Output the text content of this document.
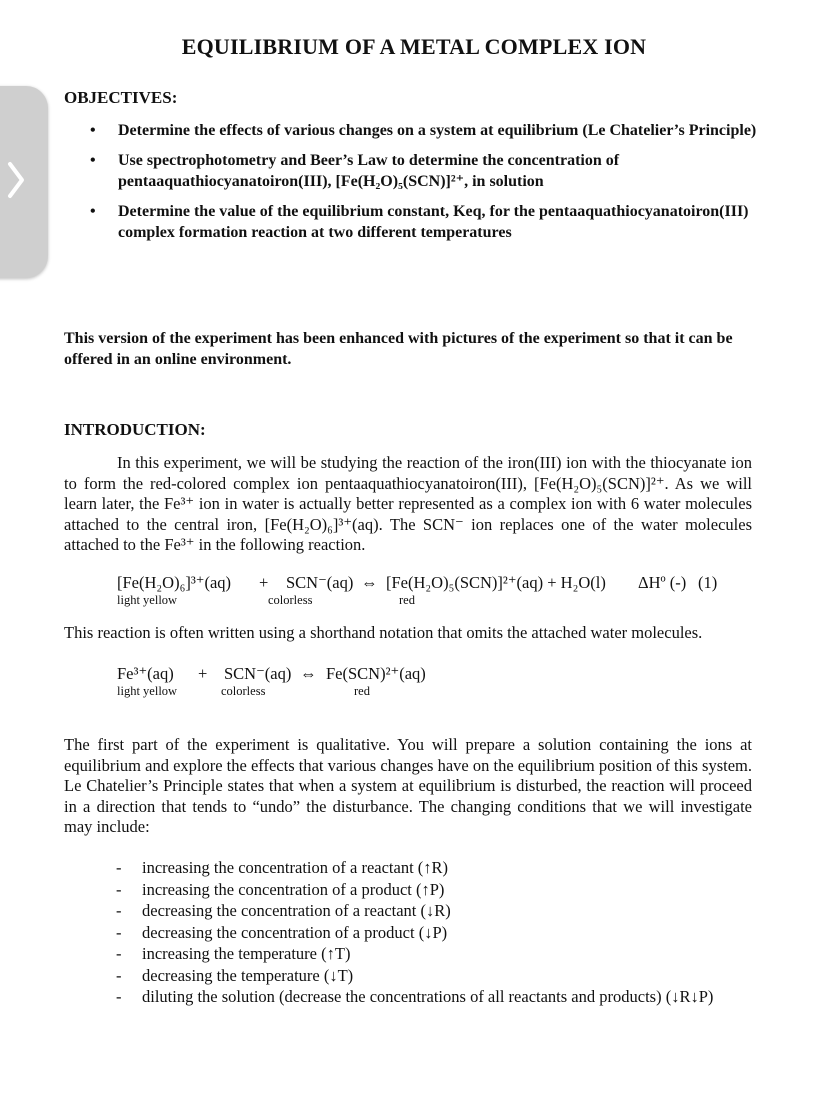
EQUILIBRIUM OF A METAL COMPLEX ION
OBJECTIVES:
• Determine the effects of various changes on a system at equilibrium (Le Chatelier’s Principle)
• Use spectrophotometry and Beer’s Law to determine the concentration of pentaaquathiocyanatoiron(III), [Fe(H₂O)₅(SCN)]²⁺, in solution
• Determine the value of the equilibrium constant, Keq, for the pentaaquathiocyanatoiron(III) complex formation reaction at two different temperatures
This version of the experiment has been enhanced with pictures of the experiment so that it can be offered in an online environment.
INTRODUCTION:
In this experiment, we will be studying the reaction of the iron(III) ion with the thiocyanate ion to form the red-colored complex ion pentaaquathiocyanatoiron(III), [Fe(H₂O)₅(SCN)]²⁺. As we will learn later, the Fe³⁺ ion in water is actually better represented as a complex ion with 6 water molecules attached to the central iron, [Fe(H₂O)₆]³⁺(aq). The SCN⁻ ion replaces one of the water molecules attached to the Fe³⁺ in the following reaction.
[Fe(H₂O)₆]³⁺(aq) + SCN⁻(aq) ⇔ [Fe(H₂O)₅(SCN)]²⁺(aq) + H₂O(l) ΔHº (-) (1)
light yellow	colorless	red
This reaction is often written using a shorthand notation that omits the attached water molecules.
Fe³⁺(aq) + SCN⁻(aq) ⇔ Fe(SCN)²⁺(aq)
light yellow	colorless	red
The first part of the experiment is qualitative. You will prepare a solution containing the ions at equilibrium and explore the effects that various changes have on the equilibrium position of this system. Le Chatelier’s Principle states that when a system at equilibrium is disturbed, the reaction will proceed in a direction that tends to “undo” the disturbance. The changing conditions that we will investigate may include:
- increasing the concentration of a reactant (↑R)
- increasing the concentration of a product (↑P)
- decreasing the concentration of a reactant (↓R)
- decreasing the concentration of a product (↓P)
- increasing the temperature (↑T)
- decreasing the temperature (↓T)
- diluting the solution (decrease the concentrations of all reactants and products) (↓R↓P)
